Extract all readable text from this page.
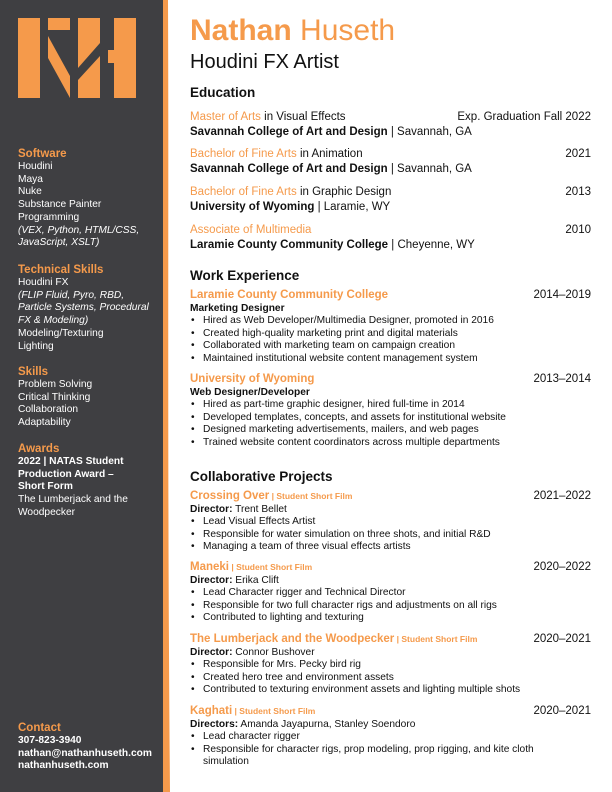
Software
Houdini
Maya
Nuke
Substance Painter
Programming
(VEX, Python, HTML/CSS, JavaScript, XSLT)
Technical Skills
Houdini FX
(FLIP Fluid, Pyro, RBD, Particle Systems, Procedural FX & Modeling)
Modeling/Texturing
Lighting
Skills
Problem Solving
Critical Thinking
Collaboration
Adaptability
Awards
2022 | NATAS Student Production Award – Short Form
The Lumberjack and the Woodpecker
Contact
307-823-3940
nathan@nathanhuseth.com
nathanhuseth.com
Nathan Huseth
Houdini FX Artist
Education
Master of Arts in Visual Effects	Exp. Graduation Fall 2022
Savannah College of Art and Design | Savannah, GA
Bachelor of Fine Arts in Animation	2021
Savannah College of Art and Design | Savannah, GA
Bachelor of Fine Arts in Graphic Design	2013
University of Wyoming | Laramie, WY
Associate of Multimedia	2010
Laramie County Community College | Cheyenne, WY
Work Experience
Laramie County Community College	2014–2019
Marketing Designer
• Hired as Web Developer/Multimedia Designer, promoted in 2016
• Created high-quality marketing print and digital materials
• Collaborated with marketing team on campaign creation
• Maintained institutional website content management system
University of Wyoming	2013–2014
Web Designer/Developer
• Hired as part-time graphic designer, hired full-time in 2014
• Developed templates, concepts, and assets for institutional website
• Designed marketing advertisements, mailers, and web pages
• Trained website content coordinators across multiple departments
Collaborative Projects
Crossing Over | Student Short Film	2021–2022
Director: Trent Bellet
• Lead Visual Effects Artist
• Responsible for water simulation on three shots, and initial R&D
• Managing a team of three visual effects artists
Maneki | Student Short Film	2020–2022
Director: Erika Clift
• Lead Character rigger and Technical Director
• Responsible for two full character rigs and adjustments on all rigs
• Contributed to lighting and texturing
The Lumberjack and the Woodpecker | Student Short Film	2020–2021
Director: Connor Bushover
• Responsible for Mrs. Pecky bird rig
• Created hero tree and environment assets
• Contributed to texturing environment assets and lighting multiple shots
Kaghati | Student Short Film	2020–2021
Directors: Amanda Jayapurna, Stanley Soendoro
• Lead character rigger
• Responsible for character rigs, prop modeling, prop rigging, and kite cloth simulation
